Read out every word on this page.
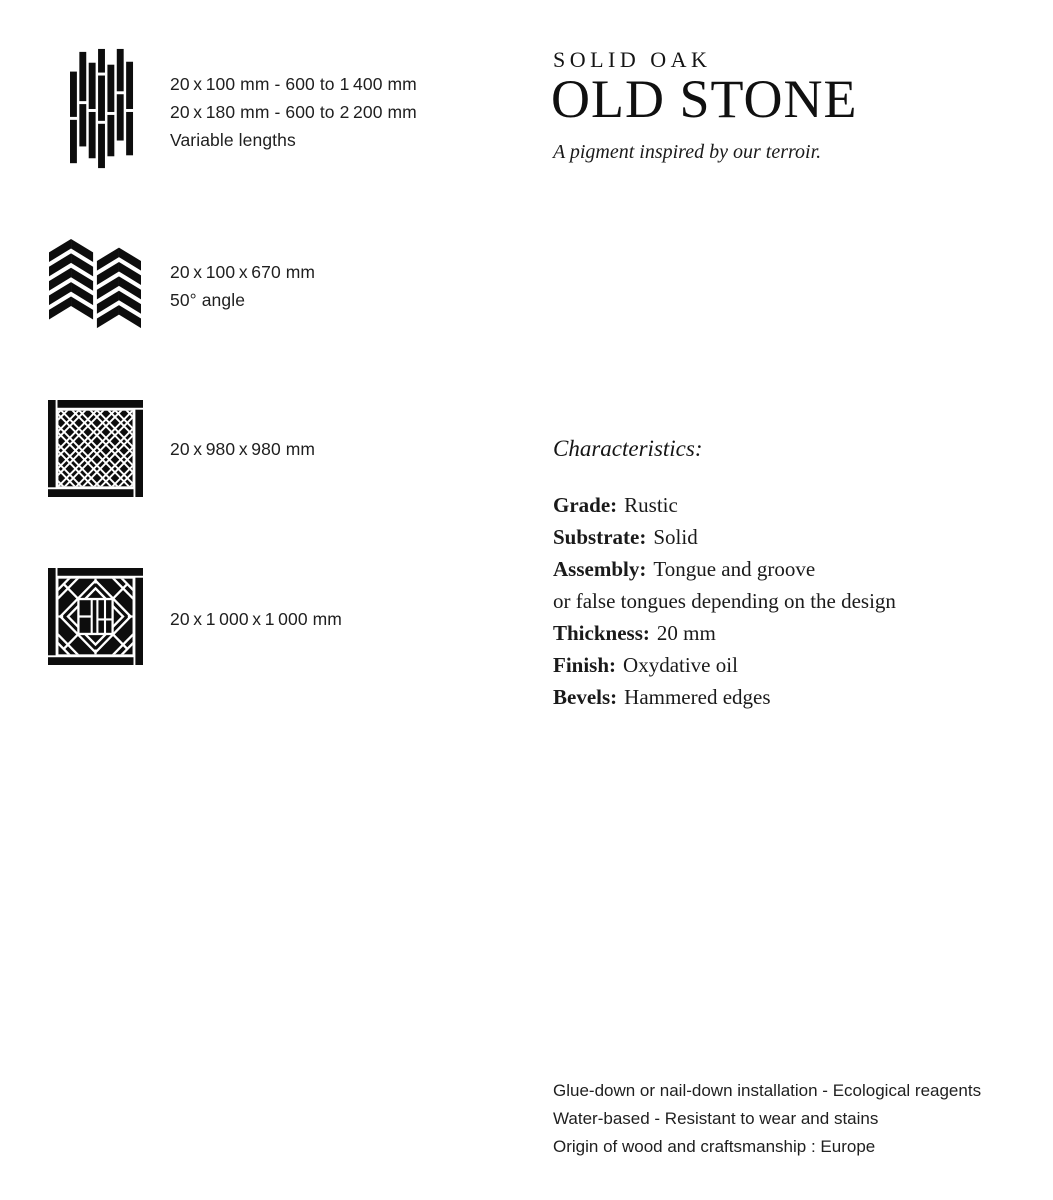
20 x 100 mm - 600 to 1 400 mm
20 x 180 mm - 600 to 2 200 mm
Variable lengths
20 x 100 x 670 mm
50° angle
20 x 980 x 980 mm
20 x 1 000 x 1 000 mm
SOLID OAK
OLD STONE
A pigment inspired by our terroir.
Characteristics:
Grade: Rustic
Substrate: Solid
Assembly: Tongue and groove
or false tongues depending on the design
Thickness: 20 mm
Finish: Oxydative oil
Bevels: Hammered edges
Glue-down or nail-down installation - Ecological reagents
Water-based - Resistant to wear and stains
Origin of wood and craftsmanship : Europe
